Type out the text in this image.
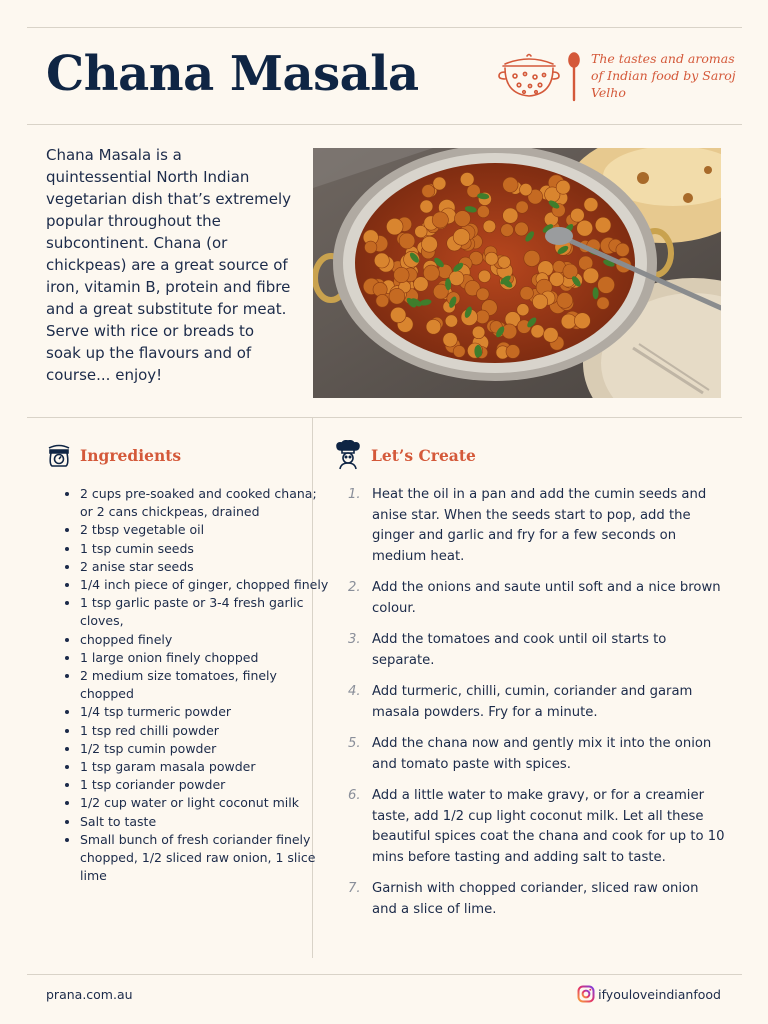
Chana Masala	The tastes and aromas of Indian food by Saroj Velho

Chana Masala is a quintessential North Indian vegetarian dish that’s extremely popular throughout the subcontinent. Chana (or chickpeas) are a great source of iron, vitamin B, protein and fibre and a great substitute for meat. Serve with rice or breads to soak up the flavours and of course... enjoy!

Ingredients
• 2 cups pre-soaked and cooked chana; or 2 cans chickpeas, drained
• 2 tbsp vegetable oil
• 1 tsp cumin seeds
• 2 anise star seeds
• 1/4 inch piece of ginger, chopped finely
• 1 tsp garlic paste or 3-4 fresh garlic cloves,
• chopped finely
• 1 large onion finely chopped
• 2 medium size tomatoes, finely chopped
• 1/4 tsp turmeric powder
• 1 tsp red chilli powder
• 1/2 tsp cumin powder
• 1 tsp garam masala powder
• 1 tsp coriander powder
• 1/2 cup water or light coconut milk
• Salt to taste
• Small bunch of fresh coriander finely chopped, 1/2 sliced raw onion, 1 slice lime
Let’s Create
1. Heat the oil in a pan and add the cumin seeds and anise star. When the seeds start to pop, add the ginger and garlic and fry for a few seconds on medium heat.
2. Add the onions and saute until soft and a nice brown colour.
3. Add the tomatoes and cook until oil starts to separate.
4. Add turmeric, chilli, cumin, coriander and garam masala powders. Fry for a minute.
5. Add the chana now and gently mix it into the onion and tomato paste with spices.
6. Add a little water to make gravy, or for a creamier taste, add 1/2 cup light coconut milk. Let all these beautiful spices coat the chana and cook for up to 10 mins before tasting and adding salt to taste.
7. Garnish with chopped coriander, sliced raw onion and a slice of lime.
prana.com.au	ifyouloveindianfood
